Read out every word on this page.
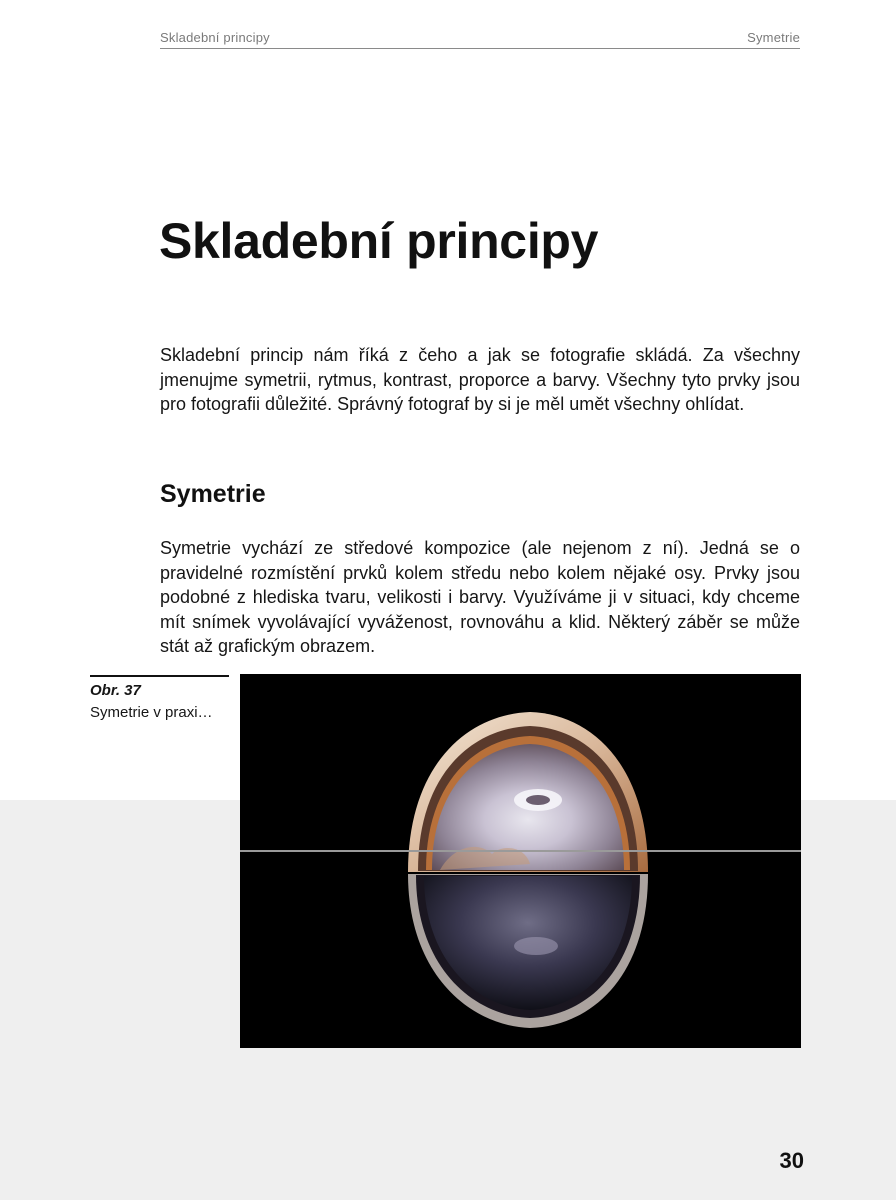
Skladební principy	Symetrie
Skladební principy

Skladební princip nám říká z čeho a jak se fotografie skládá. Za všechny jmenujme symetrii, rytmus, kontrast, proporce a barvy. Všechny tyto prvky jsou pro fotografii důležité. Správný fotograf by si je měl umět všechny ohlídat.

Symetrie

Symetrie vychází ze středové kompozice (ale nejenom z ní). Jedná se o pravidelné rozmístění prvků kolem středu nebo kolem nějaké osy. Prvky jsou podobné z hlediska tvaru, velikosti i barvy. Využíváme ji v situaci, kdy chceme mít snímek vyvolávající vyváženost, rovnováhu a klid. Některý záběr se může stát až grafickým obrazem.

Obr. 37
Symetrie v praxi…
30
